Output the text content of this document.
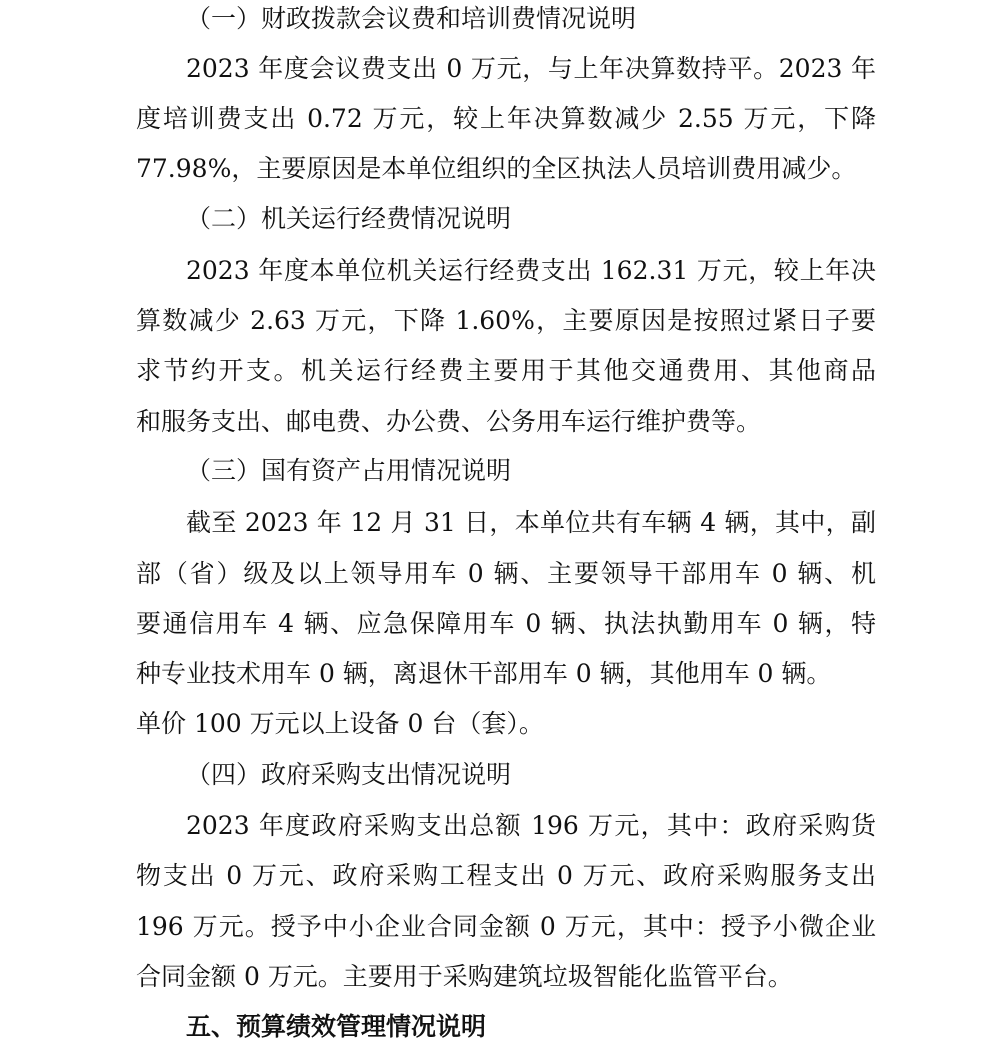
（一）财政拨款会议费和培训费情况说明
2023 年度会议费支出 0 万元，与上年决算数持平。2023 年
度培训费支出 0.72 万元，较上年决算数减少 2.55 万元，下降
77.98%，主要原因是本单位组织的全区执法人员培训费用减少。
（二）机关运行经费情况说明
2023 年度本单位机关运行经费支出 162.31 万元，较上年决
算数减少 2.63 万元，下降 1.60%，主要原因是按照过紧日子要
求节约开支。机关运行经费主要用于其他交通费用、其他商品
和服务支出、邮电费、办公费、公务用车运行维护费等。
（三）国有资产占用情况说明
截至 2023 年 12 月 31 日，本单位共有车辆 4 辆，其中，副
部（省）级及以上领导用车 0 辆、主要领导干部用车 0 辆、机
要通信用车 4 辆、应急保障用车 0 辆、执法执勤用车 0 辆，特
种专业技术用车 0 辆，离退休干部用车 0 辆，其他用车 0 辆。
单价 100 万元以上设备 0 台（套）。
（四）政府采购支出情况说明
2023 年度政府采购支出总额 196 万元，其中：政府采购货
物支出 0 万元、政府采购工程支出 0 万元、政府采购服务支出
196 万元。授予中小企业合同金额 0 万元，其中：授予小微企业
合同金额 0 万元。主要用于采购建筑垃圾智能化监管平台。
五、预算绩效管理情况说明
